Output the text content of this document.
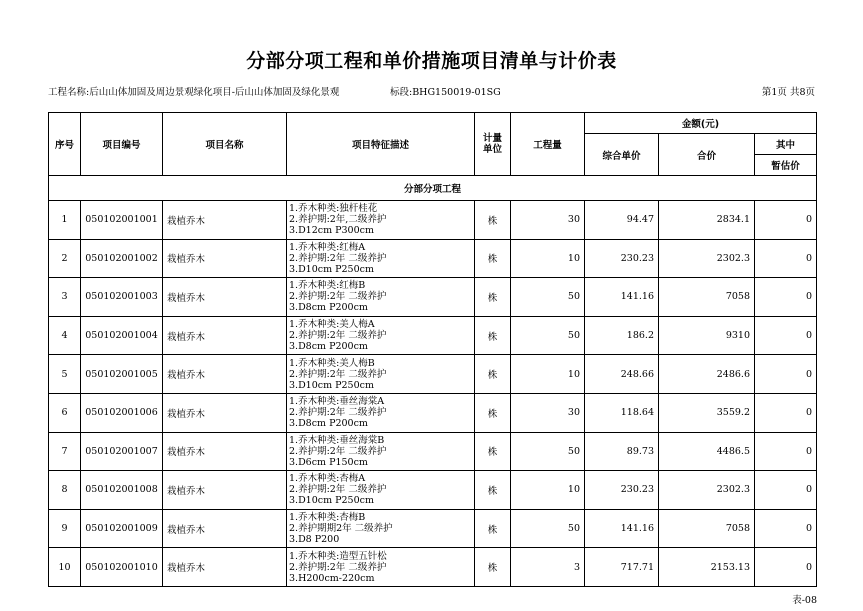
分部分项工程和单价措施项目清单与计价表
工程名称:后山山体加固及周边景观绿化项目-后山山体加固及绿化景观	标段:BHG150019-01SG	第1页 共8页
序号	项目编号	项目名称	项目特征描述	计量单位	工程量	金额(元)		
						综合单价	合价	其中
								暂估价
分部分项工程								
1	050102001001	栽植乔木	1.乔木种类:独杆桂花
2.养护期:2年,二级养护
3.D12cm P300cm	株	30	94.47	2834.1	0
2	050102001002	栽植乔木	1.乔木种类:红梅A
2.养护期:2年 二级养护
3.D10cm P250cm	株	10	230.23	2302.3	0
3	050102001003	栽植乔木	1.乔木种类:红梅B
2.养护期:2年 二级养护
3.D8cm P200cm	株	50	141.16	7058	0
4	050102001004	栽植乔木	1.乔木种类:美人梅A
2.养护期:2年 二级养护
3.D8cm P200cm	株	50	186.2	9310	0
5	050102001005	栽植乔木	1.乔木种类:美人梅B
2.养护期:2年 二级养护
3.D10cm P250cm	株	10	248.66	2486.6	0
6	050102001006	栽植乔木	1.乔木种类:垂丝海棠A
2.养护期:2年 二级养护
3.D8cm P200cm	株	30	118.64	3559.2	0
7	050102001007	栽植乔木	1.乔木种类:垂丝海棠B
2.养护期:2年 二级养护
3.D6cm P150cm	株	50	89.73	4486.5	0
8	050102001008	栽植乔木	1.乔木种类:杏梅A
2.养护期:2年 二级养护
3.D10cm P250cm	株	10	230.23	2302.3	0
9	050102001009	栽植乔木	1.乔木种类:杏梅B
2.养护期期2年 二级养护
3.D8 P200	株	50	141.16	7058	0
10	050102001010	栽植乔木	1.乔木种类:造型五针松
2.养护期:2年 二级养护
3.H200cm-220cm	株	3	717.71	2153.13	0
表-08
